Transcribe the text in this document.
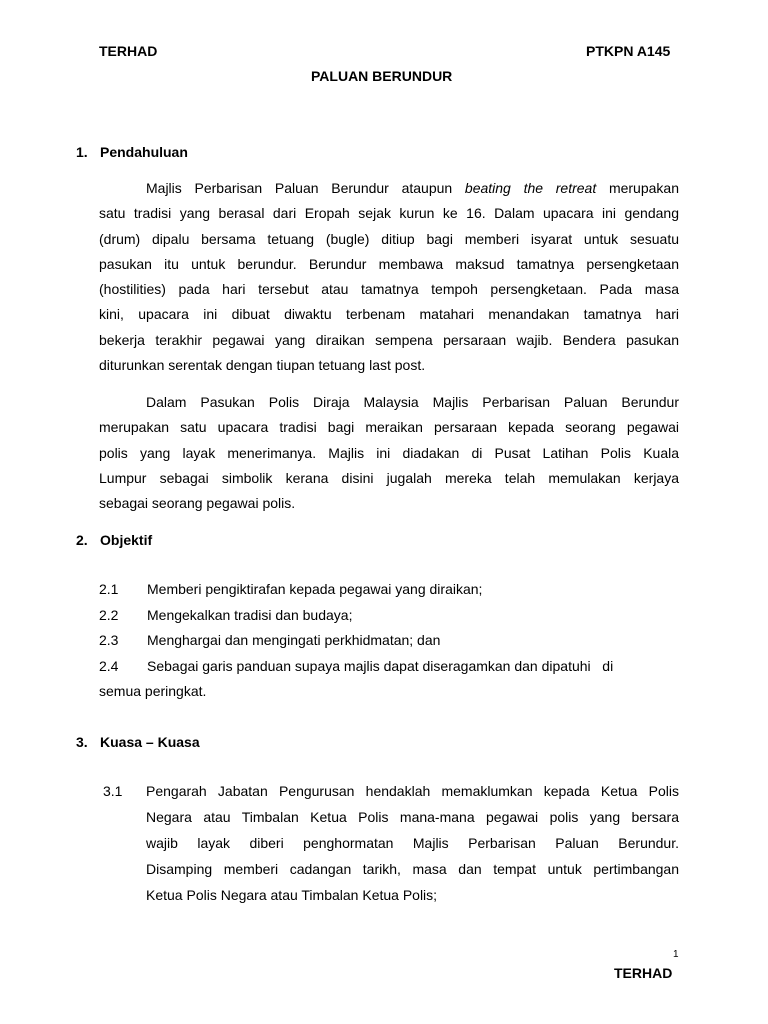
TERHAD	PTKPN A145
PALUAN BERUNDUR
1. Pendahuluan
Majlis Perbarisan Paluan Berundur ataupun beating the retreat merupakan
satu tradisi yang berasal dari Eropah sejak kurun ke 16. Dalam upacara ini gendang
(drum) dipalu bersama tetuang (bugle) ditiup bagi memberi isyarat untuk sesuatu
pasukan itu untuk berundur. Berundur membawa maksud tamatnya persengketaan
(hostilities) pada hari tersebut atau tamatnya tempoh persengketaan. Pada masa
kini, upacara ini dibuat diwaktu terbenam matahari menandakan tamatnya hari
bekerja terakhir pegawai yang diraikan sempena persaraan wajib. Bendera pasukan
diturunkan serentak dengan tiupan tetuang last post.
Dalam Pasukan Polis Diraja Malaysia Majlis Perbarisan Paluan Berundur
merupakan satu upacara tradisi bagi meraikan persaraan kepada seorang pegawai
polis yang layak menerimanya. Majlis ini diadakan di Pusat Latihan Polis Kuala
Lumpur sebagai simbolik kerana disini jugalah mereka telah memulakan kerjaya
sebagai seorang pegawai polis.
2. Objektif
2.1 Memberi pengiktirafan kepada pegawai yang diraikan;
2.2 Mengekalkan tradisi dan budaya;
2.3 Menghargai dan mengingati perkhidmatan; dan
2.4 Sebagai garis panduan supaya majlis dapat diseragamkan dan dipatuhi   di
semua peringkat.
3. Kuasa – Kuasa
3.1 Pengarah Jabatan Pengurusan hendaklah memaklumkan kepada Ketua Polis
Negara atau Timbalan Ketua Polis mana-mana pegawai polis yang bersara
wajib layak diberi penghormatan Majlis Perbarisan Paluan Berundur.
Disamping memberi cadangan tarikh, masa dan tempat untuk pertimbangan
Ketua Polis Negara atau Timbalan Ketua Polis;
1
TERHAD
